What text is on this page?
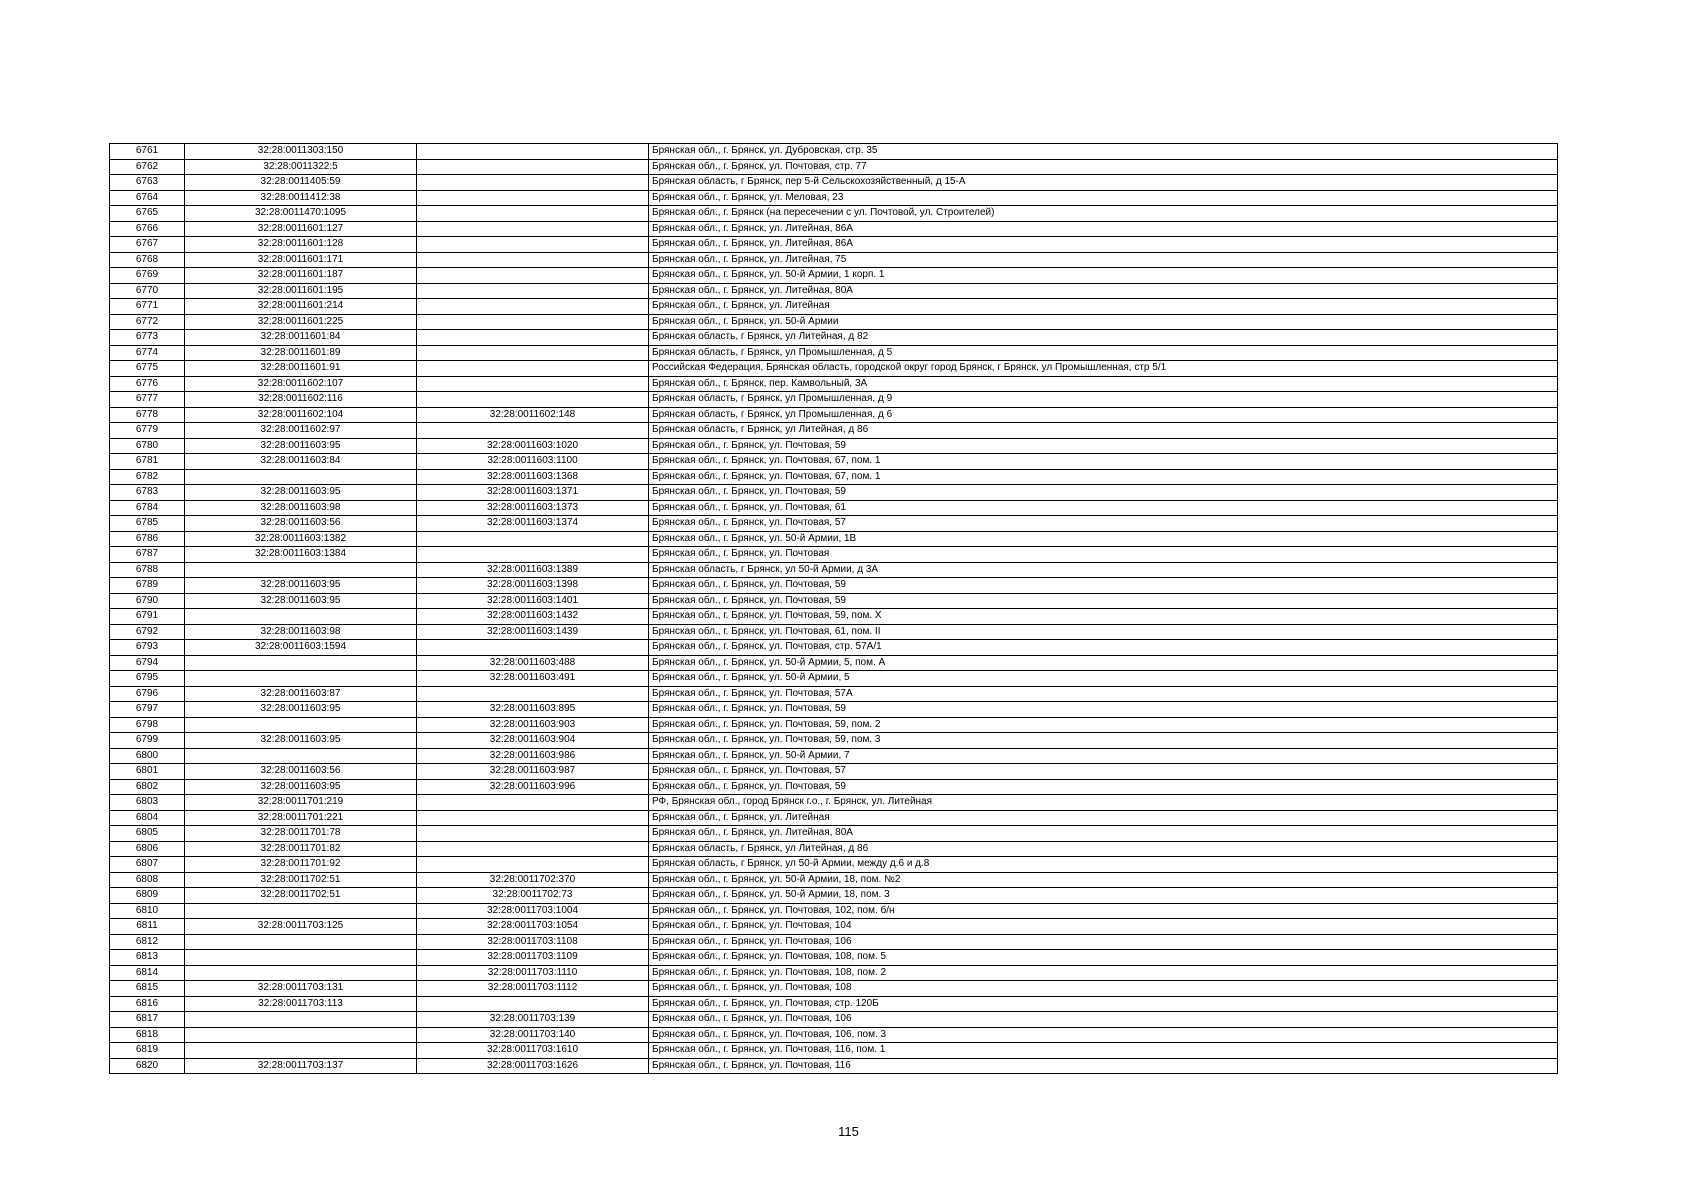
6761	32:28:0011303:150		Брянская обл., г. Брянск, ул. Дубровская, стр. 35
6762	32:28:0011322:5		Брянская обл., г. Брянск, ул. Почтовая, стр. 77
6763	32:28:0011405:59		Брянская область, г Брянск, пер 5-й Сельскохозяйственный, д 15-А
6764	32:28:0011412:38		Брянская обл., г. Брянск, ул. Меловая, 23
6765	32:28:0011470:1095		Брянская обл., г. Брянск (на пересечении с ул. Почтовой, ул. Строителей)
6766	32:28:0011601:127		Брянская обл., г. Брянск, ул. Литейная, 86А
6767	32:28:0011601:128		Брянская обл., г. Брянск, ул. Литейная, 86А
6768	32:28:0011601:171		Брянская обл., г. Брянск, ул. Литейная, 75
6769	32:28:0011601:187		Брянская обл., г. Брянск, ул. 50-й Армии, 1 корп. 1
6770	32:28:0011601:195		Брянская обл., г. Брянск, ул. Литейная, 80А
6771	32:28:0011601:214		Брянская обл., г. Брянск, ул. Литейная
6772	32:28:0011601:225		Брянская обл., г. Брянск, ул. 50-й Армии
6773	32:28:0011601:84		Брянская область, г Брянск, ул Литейная, д 82
6774	32:28:0011601:89		Брянская область, г Брянск, ул Промышленная, д 5
6775	32:28:0011601:91		Российская Федерация, Брянская область, городской округ город Брянск, г Брянск, ул Промышленная, стр 5/1
6776	32:28:0011602:107		Брянская обл., г. Брянск, пер. Камвольный, 3А
6777	32:28:0011602:116		Брянская область, г Брянск, ул Промышленная, д 9
6778	32:28:0011602:104	32:28:0011602:148	Брянская область, г Брянск, ул Промышленная, д 6
6779	32:28:0011602:97		Брянская область, г Брянск, ул Литейная, д 86
6780	32:28:0011603:95	32:28:0011603:1020	Брянская обл., г. Брянск, ул. Почтовая, 59
6781	32:28:0011603:84	32:28:0011603:1100	Брянская обл., г. Брянск, ул. Почтовая, 67, пом. 1
6782		32:28:0011603:1368	Брянская обл., г. Брянск, ул. Почтовая, 67, пом. 1
6783	32:28:0011603:95	32:28:0011603:1371	Брянская обл., г. Брянск, ул. Почтовая, 59
6784	32:28:0011603:98	32:28:0011603:1373	Брянская обл., г. Брянск, ул. Почтовая, 61
6785	32:28:0011603:56	32:28:0011603:1374	Брянская обл., г. Брянск, ул. Почтовая, 57
6786	32:28:0011603:1382		Брянская обл., г. Брянск, ул. 50-й Армии, 1В
6787	32:28:0011603:1384		Брянская обл., г. Брянск, ул. Почтовая
6788		32:28:0011603:1389	Брянская область, г Брянск, ул 50-й Армии, д 3А
6789	32:28:0011603:95	32:28:0011603:1398	Брянская обл., г. Брянск, ул. Почтовая, 59
6790	32:28:0011603:95	32:28:0011603:1401	Брянская обл., г. Брянск, ул. Почтовая, 59
6791		32:28:0011603:1432	Брянская обл., г. Брянск, ул. Почтовая, 59, пом. X
6792	32:28:0011603:98	32:28:0011603:1439	Брянская обл., г. Брянск, ул. Почтовая, 61, пом. II
6793	32:28:0011603:1594		Брянская обл., г. Брянск, ул. Почтовая, стр. 57А/1
6794		32:28:0011603:488	Брянская обл., г. Брянск, ул. 50-й Армии, 5, пом. А
6795		32:28:0011603:491	Брянская обл., г. Брянск, ул. 50-й Армии, 5
6796	32:28:0011603:87		Брянская обл., г. Брянск, ул. Почтовая, 57А
6797	32:28:0011603:95	32:28:0011603:895	Брянская обл., г. Брянск, ул. Почтовая, 59
6798		32:28:0011603:903	Брянская обл., г. Брянск, ул. Почтовая, 59, пом. 2
6799	32:28:0011603:95	32:28:0011603:904	Брянская обл., г. Брянск, ул. Почтовая, 59, пом. 3
6800		32:28:0011603:986	Брянская обл., г. Брянск, ул. 50-й Армии, 7
6801	32:28:0011603:56	32:28:0011603:987	Брянская обл., г. Брянск, ул. Почтовая, 57
6802	32:28:0011603:95	32:28:0011603:996	Брянская обл., г. Брянск, ул. Почтовая, 59
6803	32:28:0011701:219		РФ, Брянская обл., город Брянск г.о., г. Брянск, ул. Литейная
6804	32:28:0011701:221		Брянская обл., г. Брянск, ул. Литейная
6805	32:28:0011701:78		Брянская обл., г. Брянск, ул. Литейная, 80А
6806	32:28:0011701:82		Брянская область, г Брянск, ул Литейная, д 86
6807	32:28:0011701:92		Брянская область, г Брянск, ул 50-й Армии, между д.6 и д.8
6808	32:28:0011702:51	32:28:0011702:370	Брянская обл., г. Брянск, ул. 50-й Армии, 18, пом. №2
6809	32:28:0011702:51	32:28:0011702:73	Брянская обл., г. Брянск, ул. 50-й Армии, 18, пом. 3
6810		32:28:0011703:1004	Брянская обл., г. Брянск, ул. Почтовая, 102, пом. б/н
6811	32:28:0011703:125	32:28:0011703:1054	Брянская обл., г. Брянск, ул. Почтовая, 104
6812		32:28:0011703:1108	Брянская обл., г. Брянск, ул. Почтовая, 106
6813		32:28:0011703:1109	Брянская обл., г. Брянск, ул. Почтовая, 108, пом. 5
6814		32:28:0011703:1110	Брянская обл., г. Брянск, ул. Почтовая, 108, пом. 2
6815	32:28:0011703:131	32:28:0011703:1112	Брянская обл., г. Брянск, ул. Почтовая, 108
6816	32:28:0011703:113		Брянская обл., г. Брянск, ул. Почтовая, стр. 120Б
6817		32:28:0011703:139	Брянская обл., г. Брянск, ул. Почтовая, 106
6818		32:28:0011703:140	Брянская обл., г. Брянск, ул. Почтовая, 106, пом. 3
6819		32:28:0011703:1610	Брянская обл., г. Брянск, ул. Почтовая, 116, пом. 1
6820	32:28:0011703:137	32:28:0011703:1626	Брянская обл., г. Брянск, ул. Почтовая, 116
115
